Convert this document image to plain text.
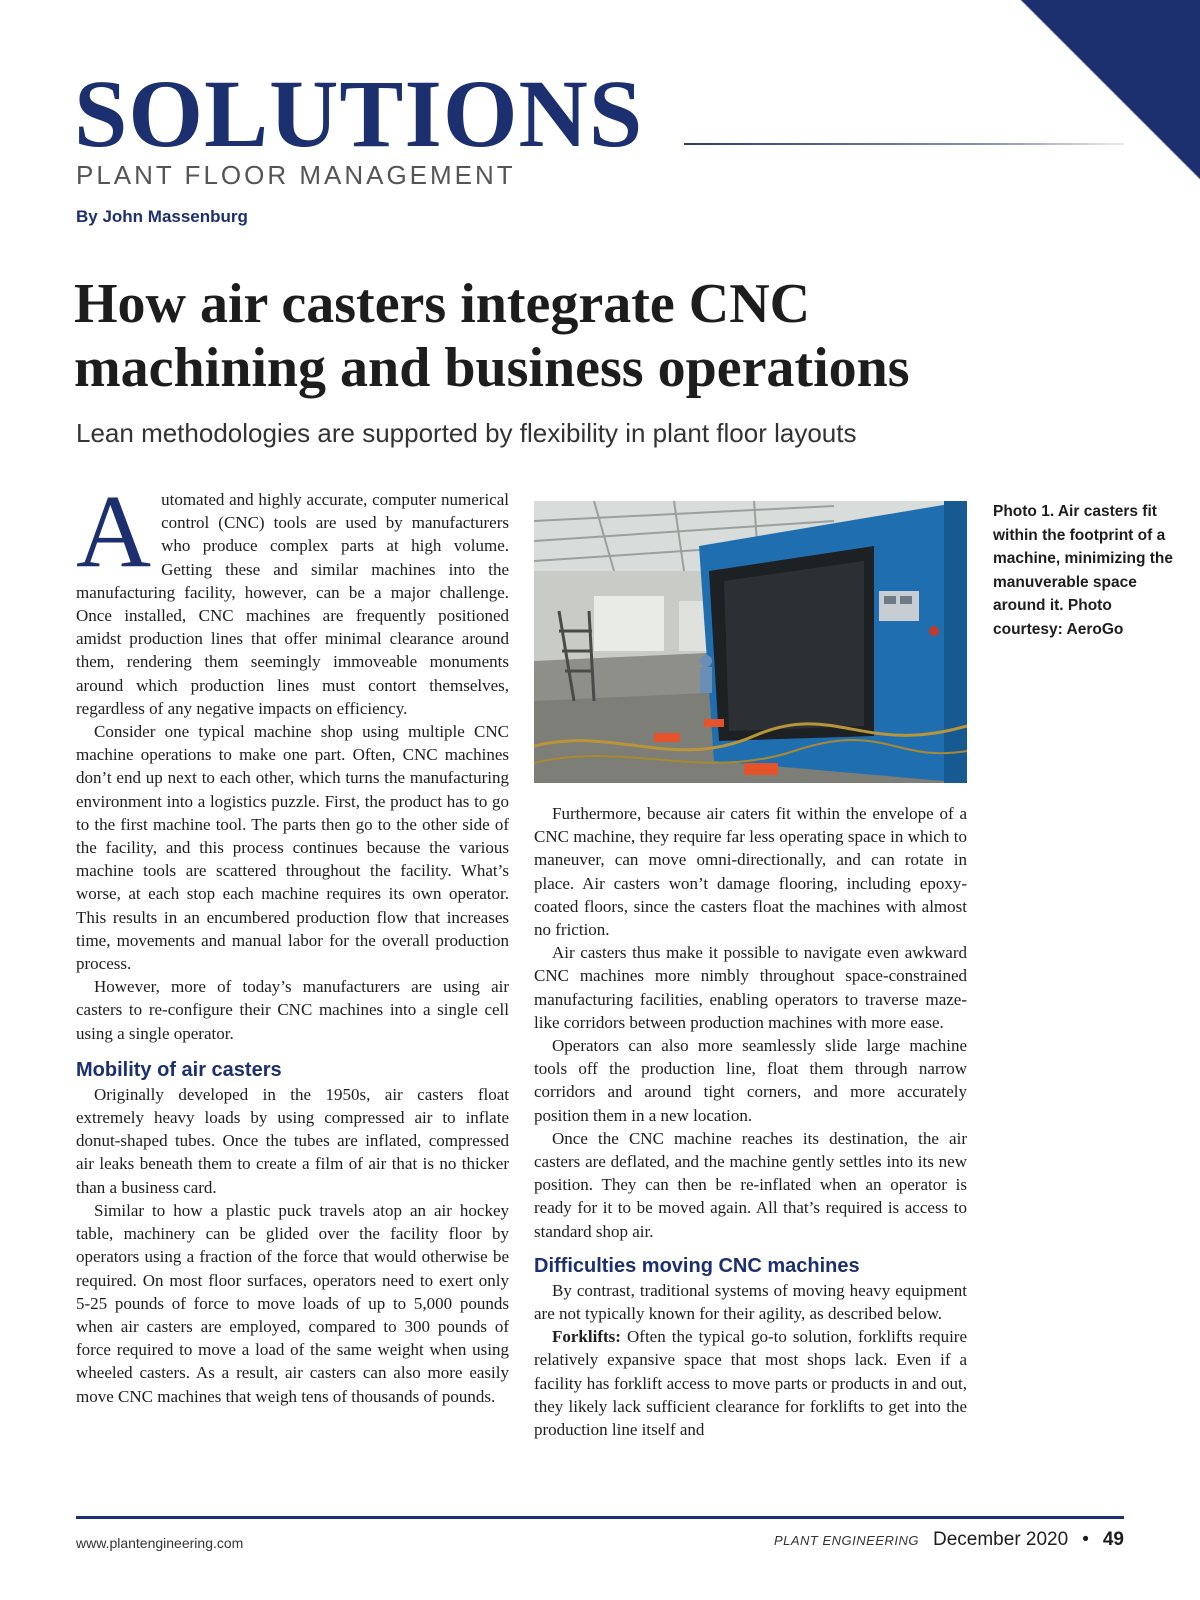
SOLUTIONS
PLANT FLOOR MANAGEMENT
By John Massenburg
How air casters integrate CNC machining and business operations
Lean methodologies are supported by flexibility in plant floor layouts

Automated and highly accurate, computer numerical control (CNC) tools are used by manufacturers who produce complex parts at high volume. Getting these and similar machines into the manufacturing facility, however, can be a major challenge. Once installed, CNC machines are frequently positioned amidst production lines that offer minimal clearance around them, rendering them seemingly immoveable monuments around which production lines must contort themselves, regardless of any negative impacts on efficiency.

Consider one typical machine shop using multiple CNC machine operations to make one part. Often, CNC machines don’t end up next to each other, which turns the manufacturing environment into a logistics puzzle. First, the product has to go to the first machine tool. The parts then go to the other side of the facility, and this process continues because the various machine tools are scattered throughout the facility. What’s worse, at each stop each machine requires its own operator. This results in an encumbered production flow that increases time, movements and manual labor for the overall production process.

However, more of today’s manufacturers are using air casters to re-configure their CNC machines into a single cell using a single operator.

Mobility of air casters

Originally developed in the 1950s, air casters float extremely heavy loads by using compressed air to inflate donut-shaped tubes. Once the tubes are inflated, compressed air leaks beneath them to create a film of air that is no thicker than a business card.

Similar to how a plastic puck travels atop an air hockey table, machinery can be glided over the facility floor by operators using a fraction of the force that would otherwise be required. On most floor surfaces, operators need to exert only 5-25 pounds of force to move loads of up to 5,000 pounds when air casters are employed, compared to 300 pounds of force required to move a load of the same weight when using wheeled casters. As a result, air casters can also more easily move CNC machines that weigh tens of thousands of pounds.

Photo 1. Air casters fit within the footprint of a machine, minimizing the manuverable space around it. Photo courtesy: AeroGo

Furthermore, because air caters fit within the envelope of a CNC machine, they require far less operating space in which to maneuver, can move omni-directionally, and can rotate in place. Air casters won’t damage flooring, including epoxy-coated floors, since the casters float the machines with almost no friction.

Air casters thus make it possible to navigate even awkward CNC machines more nimbly throughout space-constrained manufacturing facilities, enabling operators to traverse maze-like corridors between production machines with more ease.

Operators can also more seamlessly slide large machine tools off the production line, float them through narrow corridors and around tight corners, and more accurately position them in a new location.

Once the CNC machine reaches its destination, the air casters are deflated, and the machine gently settles into its new position. They can then be re-inflated when an operator is ready for it to be moved again. All that’s required is access to standard shop air.

Difficulties moving CNC machines

By contrast, traditional systems of moving heavy equipment are not typically known for their agility, as described below.

Forklifts: Often the typical go-to solution, forklifts require relatively expansive space that most shops lack. Even if a facility has forklift access to move parts or products in and out, they likely lack sufficient clearance for forklifts to get into the production line itself and

www.plantengineering.com	PLANT ENGINEERING December 2020 • 49
